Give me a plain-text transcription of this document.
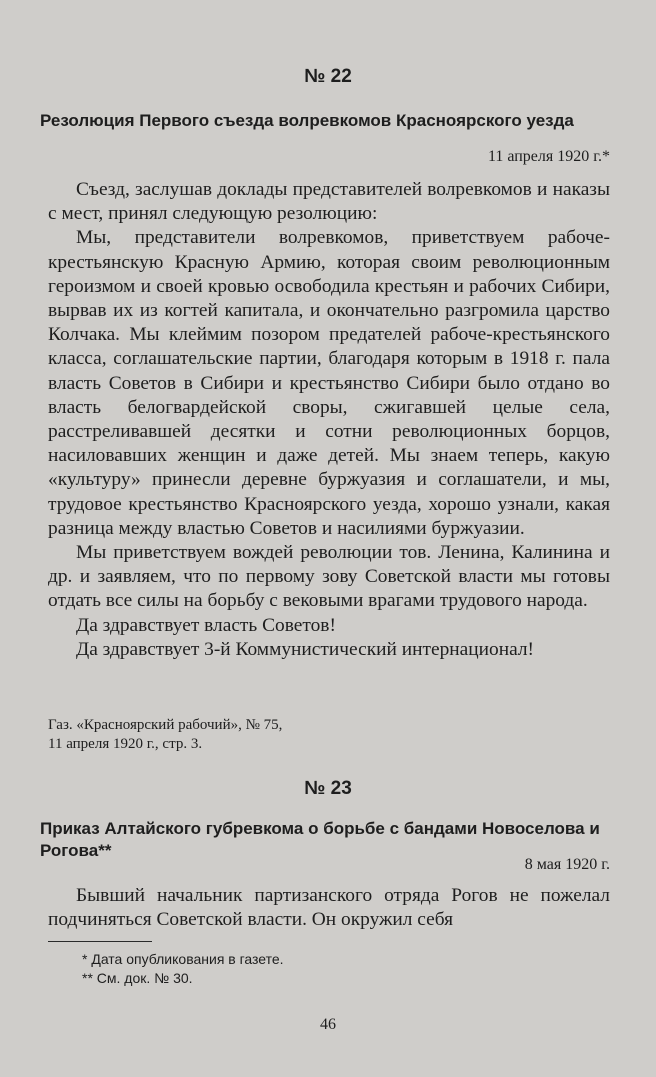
№ 22
Резолюция Первого съезда волревкомов Красноярского уезда
11 апреля 1920 г.*

Съезд, заслушав доклады представителей волревкомов и наказы с мест, принял следующую резолюцию:

Мы, представители волревкомов, приветствуем рабоче-крестьянскую Красную Армию, которая своим революционным героизмом и своей кровью освободила крестьян и рабочих Сибири, вырвав их из когтей капитала, и окончательно разгромила царство Колчака. Мы клеймим позором предателей рабоче-крестьянского класса, соглашательские партии, благодаря которым в 1918 г. пала власть Советов в Сибири и крестьянство Сибири было отдано во власть белогвардейской своры, сжигавшей целые села, расстреливавшей десятки и сотни революционных борцов, насиловавших женщин и даже детей. Мы знаем теперь, какую «культуру» принесли деревне буржуазия и соглашатели, и мы, трудовое крестьянство Красноярского уезда, хорошо узнали, какая разница между властью Советов и насилиями буржуазии.

Мы приветствуем вождей революции тов. Ленина, Калинина и др. и заявляем, что по первому зову Советской власти мы готовы отдать все силы на борьбу с вековыми врагами трудового народа.

Да здравствует власть Советов!

Да здравствует 3-й Коммунистический интернационал!

Газ. «Красноярский рабочий», № 75,
11 апреля 1920 г., стр. 3.
№ 23
Приказ Алтайского губревкома о борьбе с бандами Новоселова и Рогова**
8 мая 1920 г.

Бывший начальник партизанского отряда Рогов не пожелал подчиняться Советской власти. Он окружил себя

* Дата опубликования в газете.
** См. док. № 30.
46
